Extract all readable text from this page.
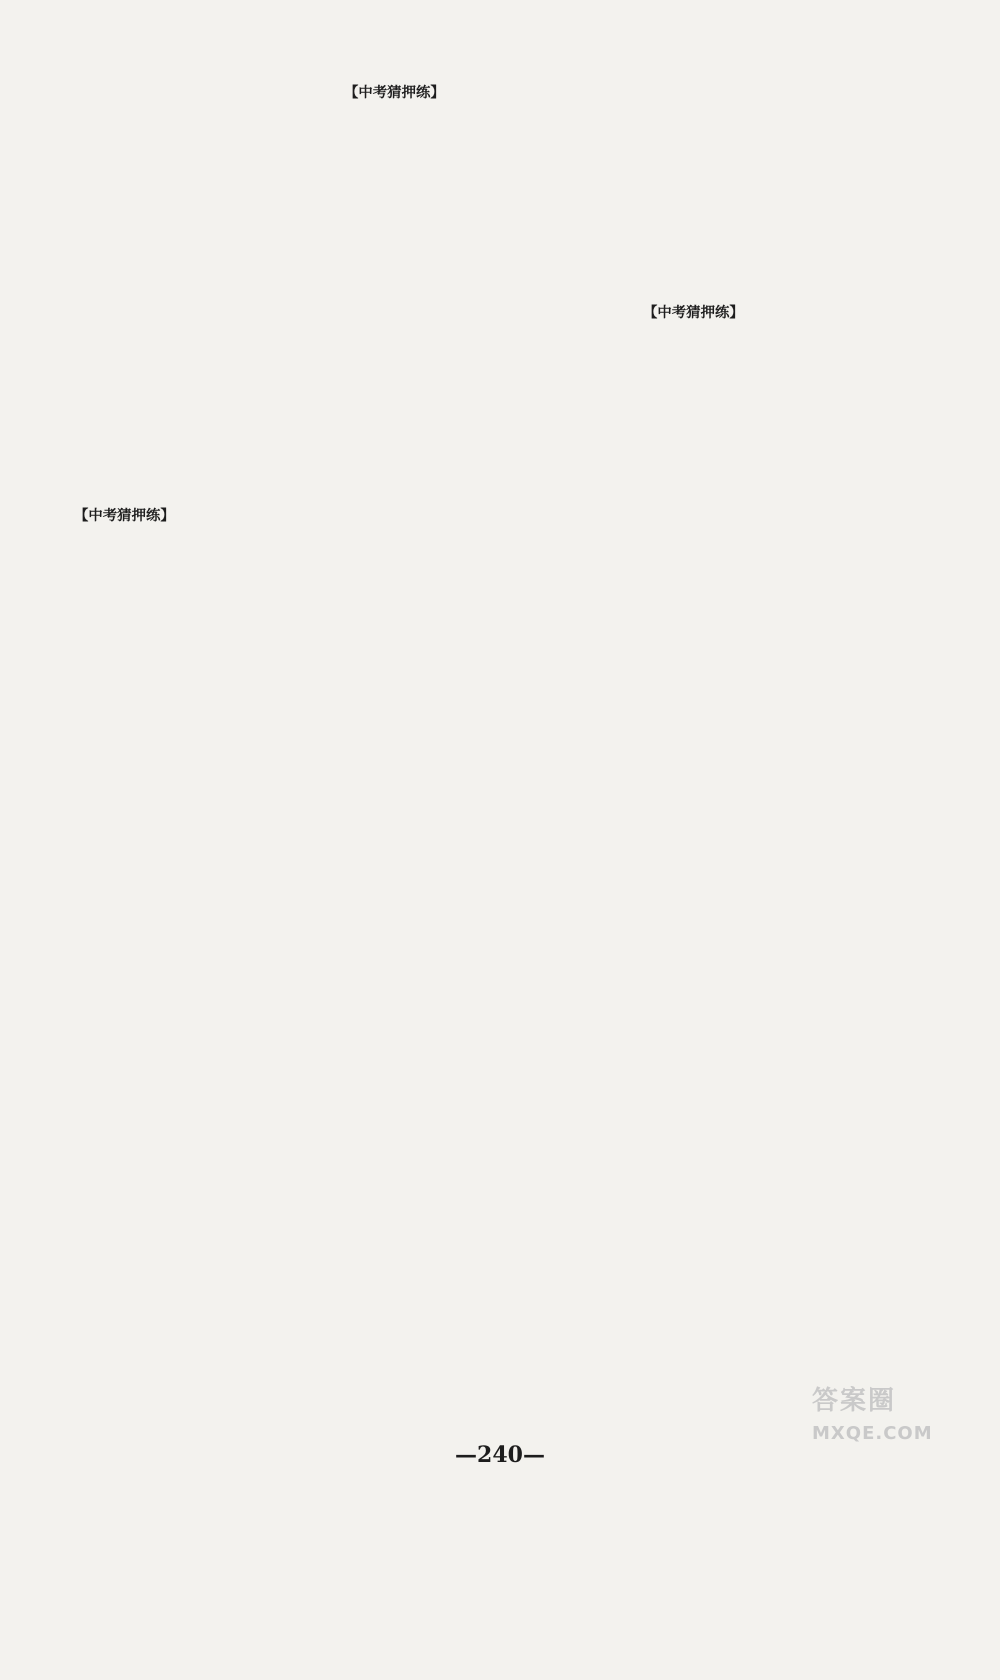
【中考猜押练】
【中考猜押练】
【中考猜押练】
—240—
答案圈
MXQE.COM
